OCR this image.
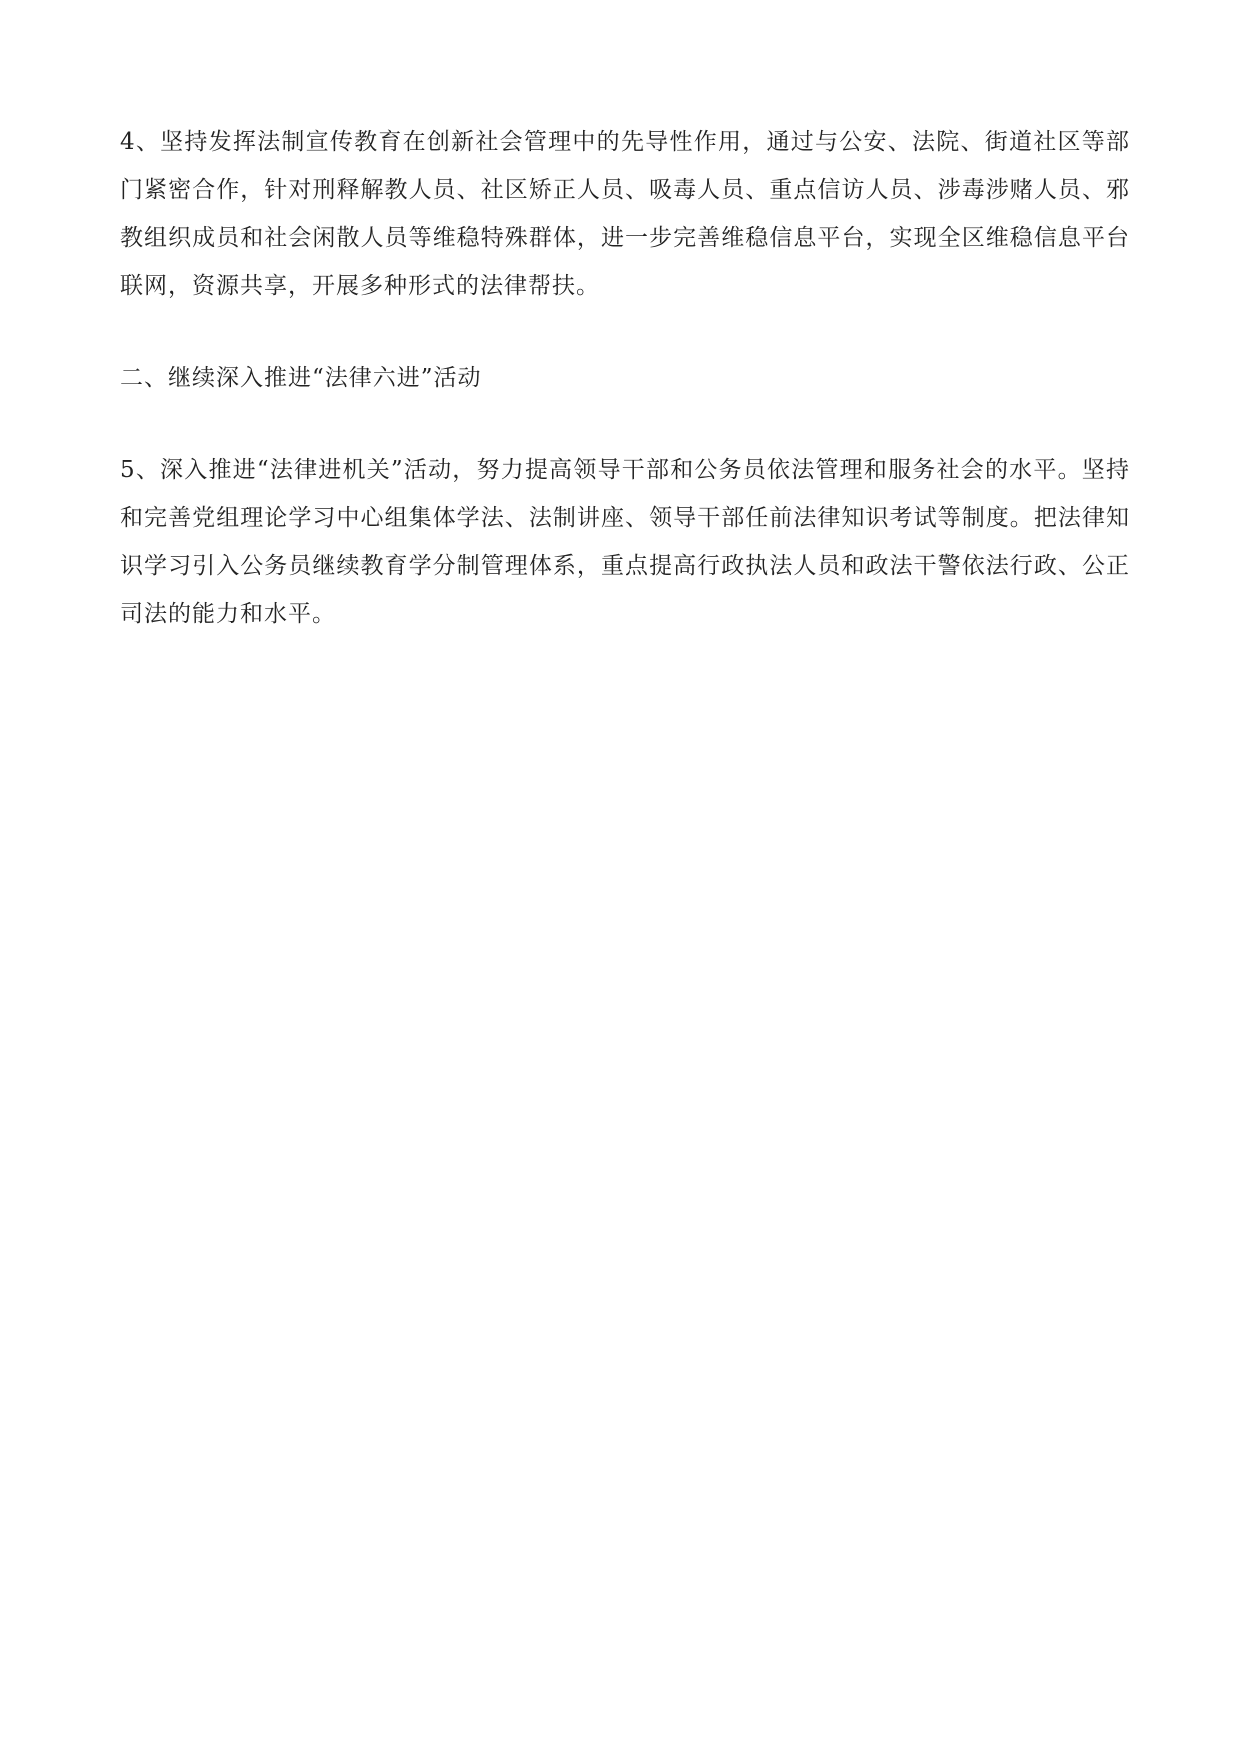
4、坚持发挥法制宣传教育在创新社会管理中的先导性作用，通过与公安、法院、街道社区等部门紧密合作，针对刑释解教人员、社区矫正人员、吸毒人员、重点信访人员、涉毒涉赌人员、邪教组织成员和社会闲散人员等维稳特殊群体，进一步完善维稳信息平台，实现全区维稳信息平台联网，资源共享，开展多种形式的法律帮扶。

二、继续深入推进“法律六进”活动

5、深入推进“法律进机关”活动，努力提高领导干部和公务员依法管理和服务社会的水平。坚持和完善党组理论学习中心组集体学法、法制讲座、领导干部任前法律知识考试等制度。把法律知识学习引入公务员继续教育学分制管理体系，重点提高行政执法人员和政法干警依法行政、公正司法的能力和水平。
